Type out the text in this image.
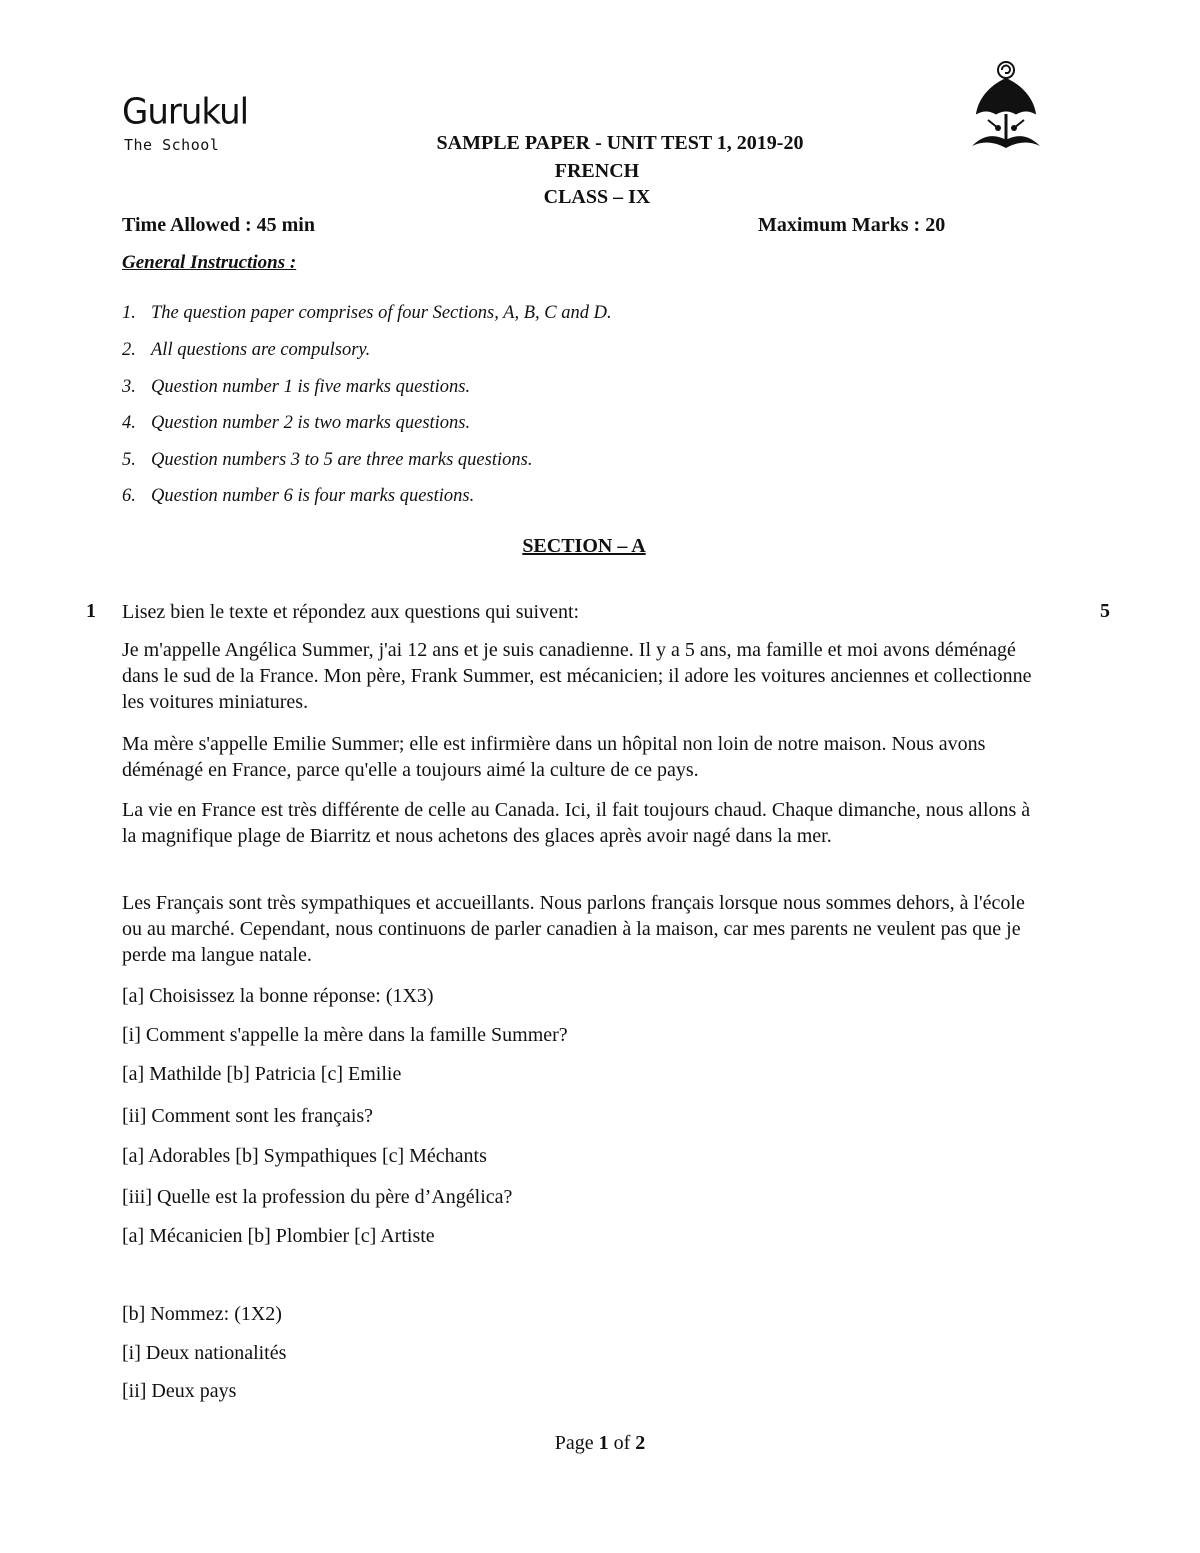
Gurukul
The School	SAMPLE PAPER - UNIT TEST 1, 2019-20
FRENCH
CLASS – IX
Time Allowed : 45 min	Maximum Marks : 20
General Instructions :
1. The question paper comprises of four Sections, A, B, C and D.
2. All questions are compulsory.
3. Question number 1 is five marks questions.
4. Question number 2 is two marks questions.
5. Question numbers 3 to 5 are three marks questions.
6. Question number 6 is four marks questions.
SECTION – A
1	5
Lisez bien le texte et répondez aux questions qui suivent:
Je m'appelle Angélica Summer, j'ai 12 ans et je suis canadienne. Il y a 5 ans, ma famille et moi avons déménagé dans le sud de la France. Mon père, Frank Summer, est mécanicien; il adore les voitures anciennes et collectionne les voitures miniatures.
Ma mère s'appelle Emilie Summer; elle est infirmière dans un hôpital non loin de notre maison. Nous avons déménagé en France, parce qu'elle a toujours aimé la culture de ce pays.
La vie en France est très différente de celle au Canada. Ici, il fait toujours chaud. Chaque dimanche, nous allons à la magnifique plage de Biarritz et nous achetons des glaces après avoir nagé dans la mer.
Les Français sont très sympathiques et accueillants. Nous parlons français lorsque nous sommes dehors, à l'école ou au marché. Cependant, nous continuons de parler canadien à la maison, car mes parents ne veulent pas que je perde ma langue natale.
[a] Choisissez la bonne réponse: (1X3)
[i] Comment s'appelle la mère dans la famille Summer?
[a] Mathilde [b] Patricia [c] Emilie
[ii] Comment sont les français?
[a] Adorables [b] Sympathiques [c] Méchants
[iii] Quelle est la profession du père d’Angélica?
[a] Mécanicien [b] Plombier [c] Artiste
[b] Nommez: (1X2)
[i] Deux nationalités
[ii] Deux pays
Page 1 of 2
